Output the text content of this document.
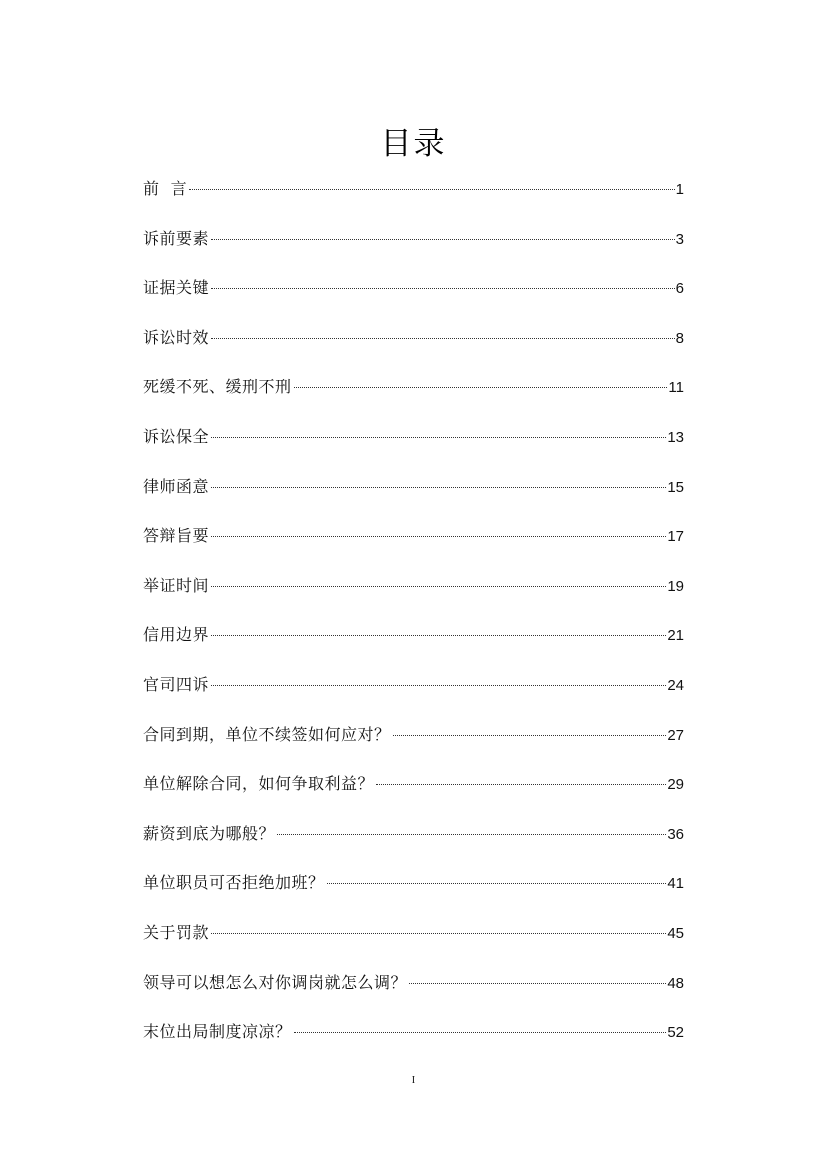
目录
前  言	1
诉前要素	3
证据关键	6
诉讼时效	8
死缓不死、缓刑不刑	11
诉讼保全	13
律师函意	15
答辩旨要	17
举证时间	19
信用边界	21
官司四诉	24
合同到期，单位不续签如何应对？	27
单位解除合同，如何争取利益？	29
薪资到底为哪般？	36
单位职员可否拒绝加班？	41
关于罚款	45
领导可以想怎么对你调岗就怎么调？	48
末位出局制度凉凉？	52
I
